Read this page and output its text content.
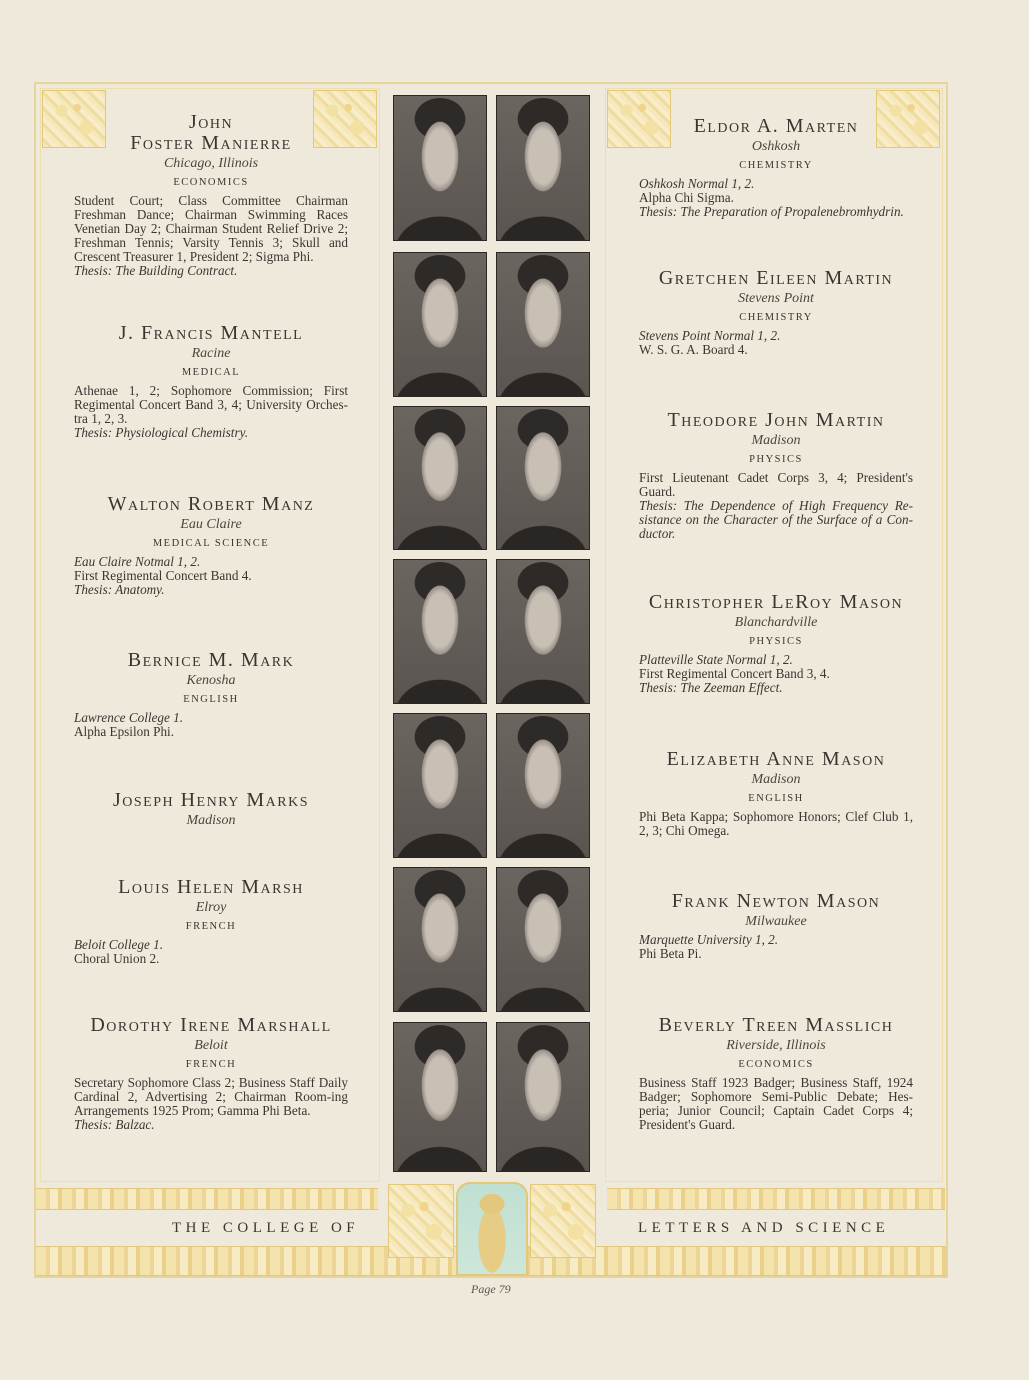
THE COLLEGE OF	LETTERS AND SCIENCE
Page 79
John
Foster Manierre
Chicago, Illinois
ECONOMICS
Student Court; Class Committee Chairman Freshman Dance; Chairman Swimming Races Venetian Day 2; Chairman Student Relief Drive 2; Freshman Tennis; Varsity Tennis 3; Skull and Crescent Treasurer 1, President 2; Sigma Phi.
Thesis: The Building Contract.
J. Francis Mantell
Racine
MEDICAL
Athenae 1, 2; Sophomore Commission; First Regimental Concert Band 3, 4; University Orches-tra 1, 2, 3.
Thesis: Physiological Chemistry.
Walton Robert Manz
Eau Claire
MEDICAL SCIENCE
Eau Claire Notmal 1, 2.
First Regimental Concert Band 4.
Thesis: Anatomy.
Bernice M. Mark
Kenosha
ENGLISH
Lawrence College 1.
Alpha Epsilon Phi.
Joseph Henry Marks
Madison
Louis Helen Marsh
Elroy
FRENCH
Beloit College 1.
Choral Union 2.
Dorothy Irene Marshall
Beloit
FRENCH
Secretary Sophomore Class 2; Business Staff Daily Cardinal 2, Advertising 2; Chairman Room-ing Arrangements 1925 Prom; Gamma Phi Beta.
Thesis: Balzac.
Eldor A. Marten
Oshkosh
CHEMISTRY
Oshkosh Normal 1, 2.
Alpha Chi Sigma.
Thesis: The Preparation of Propalenebromhydrin.
Gretchen Eileen Martin
Stevens Point
CHEMISTRY
Stevens Point Normal 1, 2.
W. S. G. A. Board 4.
Theodore John Martin
Madison
PHYSICS
First Lieutenant Cadet Corps 3, 4; President's Guard.
Thesis: The Dependence of High Frequency Re-sistance on the Character of the Surface of a Con-ductor.
Christopher LeRoy Mason
Blanchardville
PHYSICS
Platteville State Normal 1, 2.
First Regimental Concert Band 3, 4.
Thesis: The Zeeman Effect.
Elizabeth Anne Mason
Madison
ENGLISH
Phi Beta Kappa; Sophomore Honors; Clef Club 1, 2, 3; Chi Omega.
Frank Newton Mason
Milwaukee
Marquette University 1, 2.
Phi Beta Pi.
Beverly Treen Masslich
Riverside, Illinois
ECONOMICS
Business Staff 1923 Badger; Business Staff, 1924 Badger; Sophomore Semi-Public Debate; Hes-peria; Junior Council; Captain Cadet Corps 4; President's Guard.
